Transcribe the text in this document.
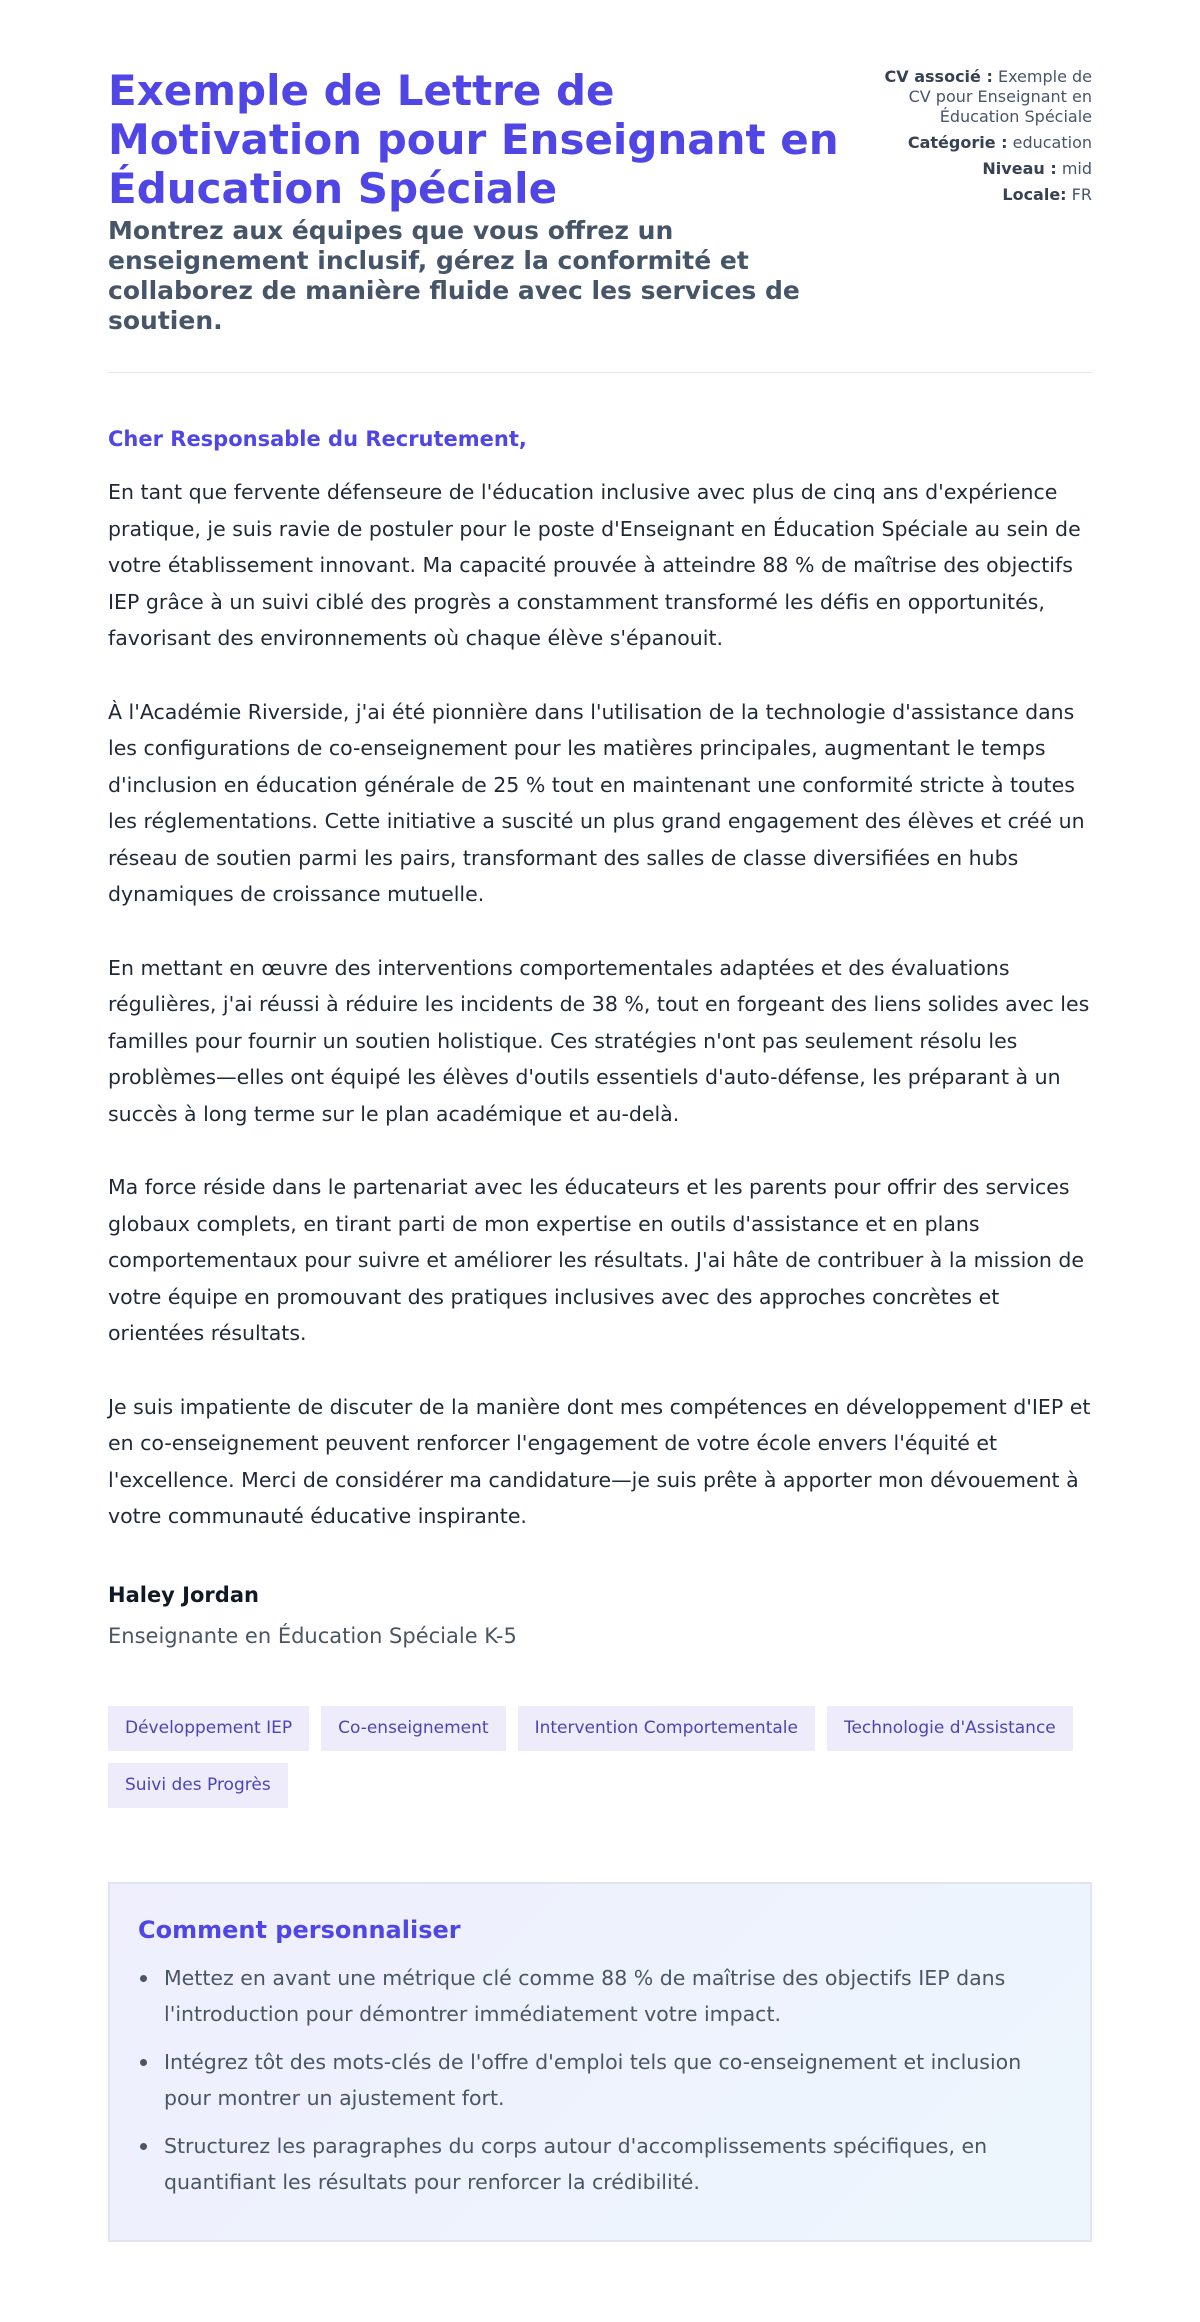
Exemple de Lettre de Motivation pour Enseignant en Éducation Spéciale
Montrez aux équipes que vous offrez un enseignement inclusif, gérez la conformité et collaborez de manière fluide avec les services de soutien.
CV associé : Exemple de CV pour Enseignant en Éducation Spéciale
Catégorie : education
Niveau : mid
Locale: FR

Cher Responsable du Recrutement,

En tant que fervente défenseure de l'éducation inclusive avec plus de cinq ans d'expérience pratique, je suis ravie de postuler pour le poste d'Enseignant en Éducation Spéciale au sein de votre établissement innovant. Ma capacité prouvée à atteindre 88 % de maîtrise des objectifs IEP grâce à un suivi ciblé des progrès a constamment transformé les défis en opportunités, favorisant des environnements où chaque élève s'épanouit.

À l'Académie Riverside, j'ai été pionnière dans l'utilisation de la technologie d'assistance dans les configurations de co-enseignement pour les matières principales, augmentant le temps d'inclusion en éducation générale de 25 % tout en maintenant une conformité stricte à toutes les réglementations. Cette initiative a suscité un plus grand engagement des élèves et créé un réseau de soutien parmi les pairs, transformant des salles de classe diversifiées en hubs dynamiques de croissance mutuelle.

En mettant en œuvre des interventions comportementales adaptées et des évaluations régulières, j'ai réussi à réduire les incidents de 38 %, tout en forgeant des liens solides avec les familles pour fournir un soutien holistique. Ces stratégies n'ont pas seulement résolu les problèmes—elles ont équipé les élèves d'outils essentiels d'auto-défense, les préparant à un succès à long terme sur le plan académique et au-delà.

Ma force réside dans le partenariat avec les éducateurs et les parents pour offrir des services globaux complets, en tirant parti de mon expertise en outils d'assistance et en plans comportementaux pour suivre et améliorer les résultats. J'ai hâte de contribuer à la mission de votre équipe en promouvant des pratiques inclusives avec des approches concrètes et orientées résultats.

Je suis impatiente de discuter de la manière dont mes compétences en développement d'IEP et en co-enseignement peuvent renforcer l'engagement de votre école envers l'équité et l'excellence. Merci de considérer ma candidature—je suis prête à apporter mon dévouement à votre communauté éducative inspirante.

Haley Jordan
Enseignante en Éducation Spéciale K-5
Développement IEP	Co-enseignement	Intervention Comportementale	Technologie d'Assistance
Suivi des Progrès
Comment personnaliser
Mettez en avant une métrique clé comme 88 % de maîtrise des objectifs IEP dans l'introduction pour démontrer immédiatement votre impact.
Intégrez tôt des mots-clés de l'offre d'emploi tels que co-enseignement et inclusion pour montrer un ajustement fort.
Structurez les paragraphes du corps autour d'accomplissements spécifiques, en quantifiant les résultats pour renforcer la crédibilité.
